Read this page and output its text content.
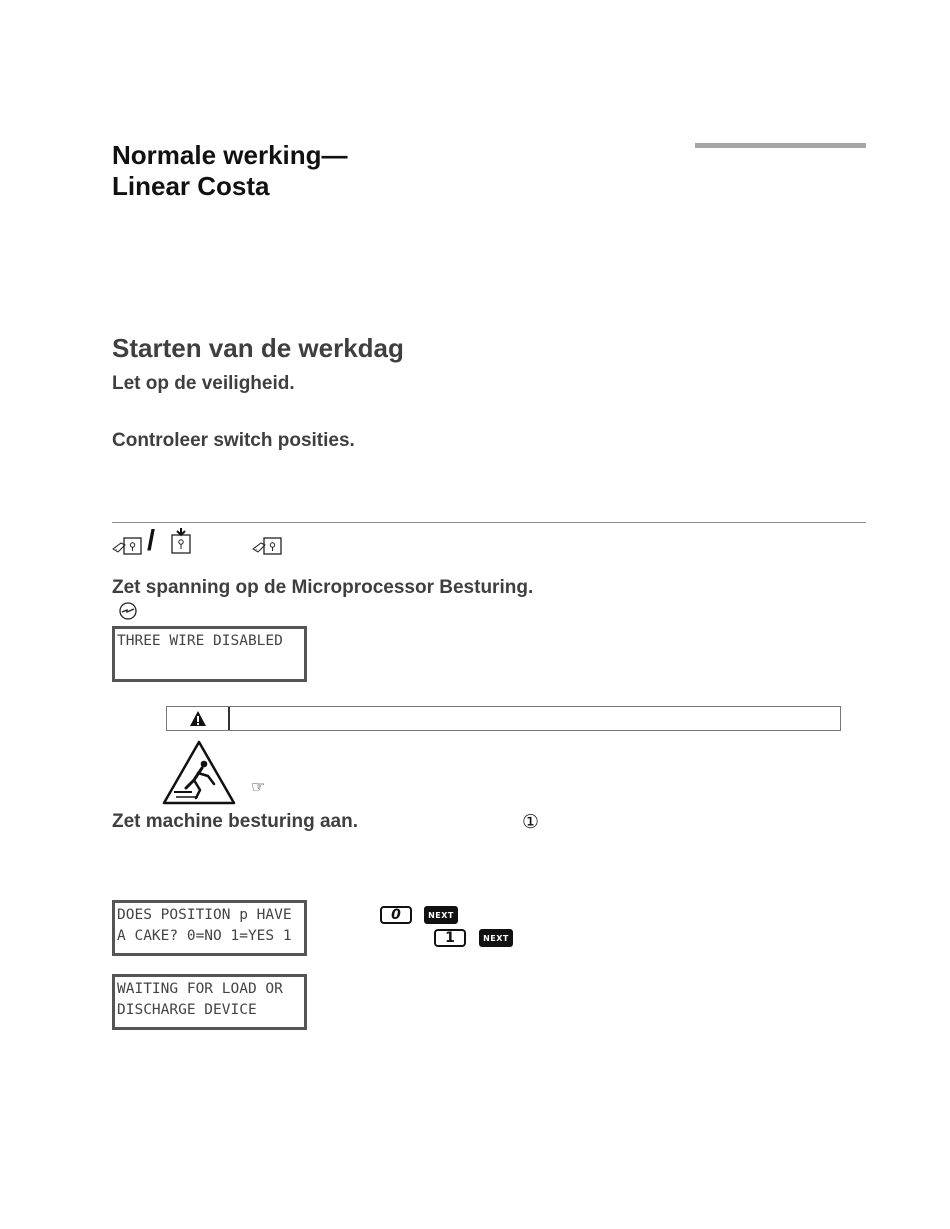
Normale werking—
Linear Costa
Starten van de werkdag
Let op de veiligheid.
Controleer switch posities.
/
Zet spanning op de Microprocessor Besturing.
THREE WIRE DISABLED
☞
Zet machine besturing aan.	①
DOES POSITION p HAVE
A CAKE? 0=NO 1=YES 1
0	NEXT
1	NEXT
WAITING FOR LOAD OR
DISCHARGE DEVICE
